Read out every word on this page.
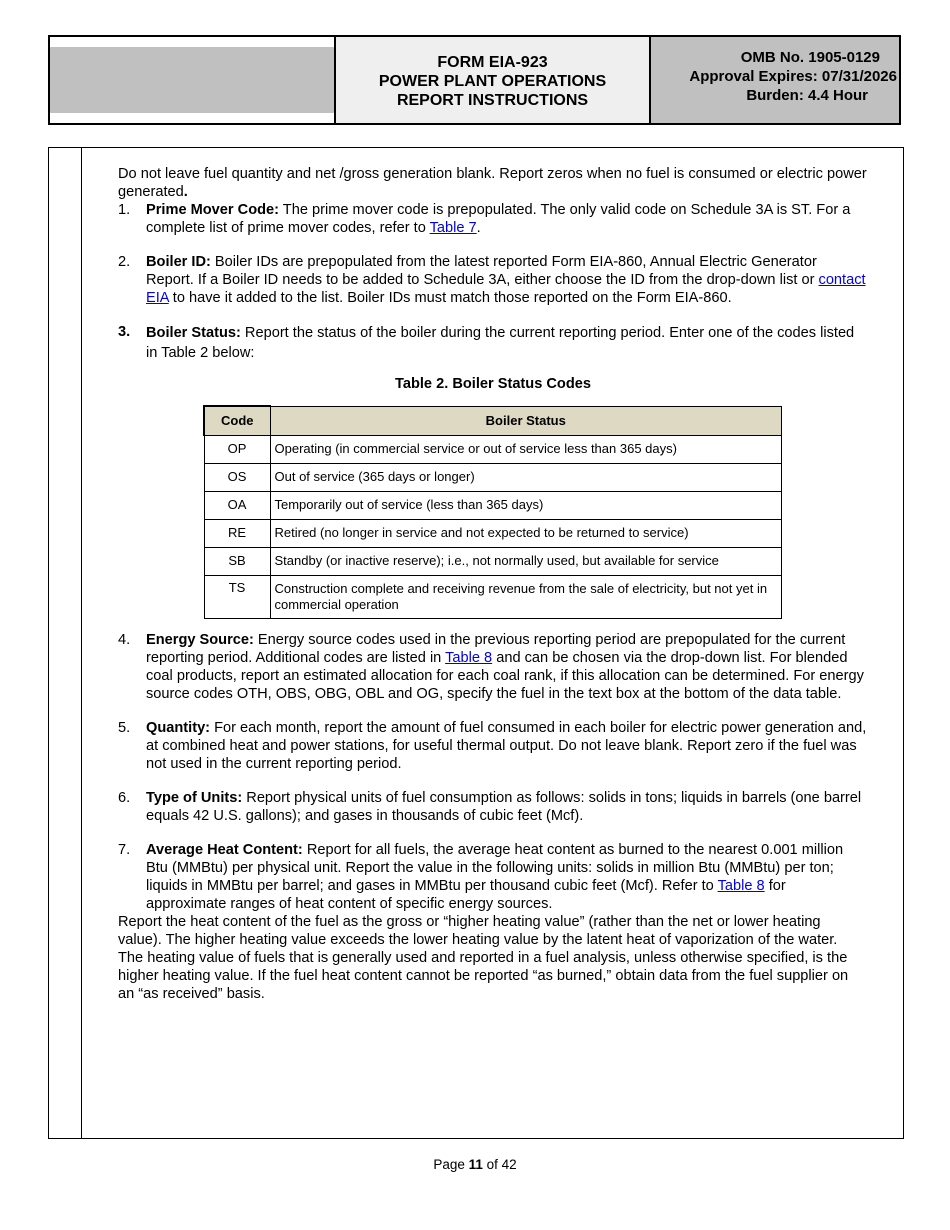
FORM EIA-923
POWER PLANT OPERATIONS
REPORT INSTRUCTIONS
OMB No. 1905-0129
Approval Expires: 07/31/2026
Burden: 4.4 Hour

Do not leave fuel quantity and net /gross generation blank. Report zeros when no fuel is consumed or electric power generated.

1.	Prime Mover Code: The prime mover code is prepopulated. The only valid code on Schedule 3A is ST. For a complete list of prime mover codes, refer to Table 7.

2.	Boiler ID: Boiler IDs are prepopulated from the latest reported Form EIA-860, Annual Electric Generator Report. If a Boiler ID needs to be added to Schedule 3A, either choose the ID from the drop-down list or contact EIA to have it added to the list. Boiler IDs must match those reported on the Form EIA-860.

3.	Boiler Status: Report the status of the boiler during the current reporting period. Enter one of the codes listed in Table 2 below:

Table 2. Boiler Status Codes
Code	Boiler Status
OP	Operating (in commercial service or out of service less than 365 days)
OS	Out of service (365 days or longer)
OA	Temporarily out of service (less than 365 days)
RE	Retired (no longer in service and not expected to be returned to service)
SB	Standby (or inactive reserve); i.e., not normally used, but available for service
TS	Construction complete and receiving revenue from the sale of electricity, but not yet in commercial operation
4.	Energy Source: Energy source codes used in the previous reporting period are prepopulated for the current reporting period. Additional codes are listed in Table 8 and can be chosen via the drop-down list. For blended coal products, report an estimated allocation for each coal rank, if this allocation can be determined. For energy source codes OTH, OBS, OBG, OBL and OG, specify the fuel in the text box at the bottom of the data table.

5.	Quantity: For each month, report the amount of fuel consumed in each boiler for electric power generation and, at combined heat and power stations, for useful thermal output. Do not leave blank. Report zero if the fuel was not used in the current reporting period.

6.	Type of Units: Report physical units of fuel consumption as follows: solids in tons; liquids in barrels (one barrel equals 42 U.S. gallons); and gases in thousands of cubic feet (Mcf).

7.	Average Heat Content: Report for all fuels, the average heat content as burned to the nearest 0.001 million Btu (MMBtu) per physical unit. Report the value in the following units: solids in million Btu (MMBtu) per ton; liquids in MMBtu per barrel; and gases in MMBtu per thousand cubic feet (Mcf). Refer to Table 8 for approximate ranges of heat content of specific energy sources.

Report the heat content of the fuel as the gross or “higher heating value” (rather than the net or lower heating value). The higher heating value exceeds the lower heating value by the latent heat of vaporization of the water.

The heating value of fuels that is generally used and reported in a fuel analysis, unless otherwise specified, is the higher heating value. If the fuel heat content cannot be reported “as burned,” obtain data from the fuel supplier on an “as received” basis.

Page 11 of 42
